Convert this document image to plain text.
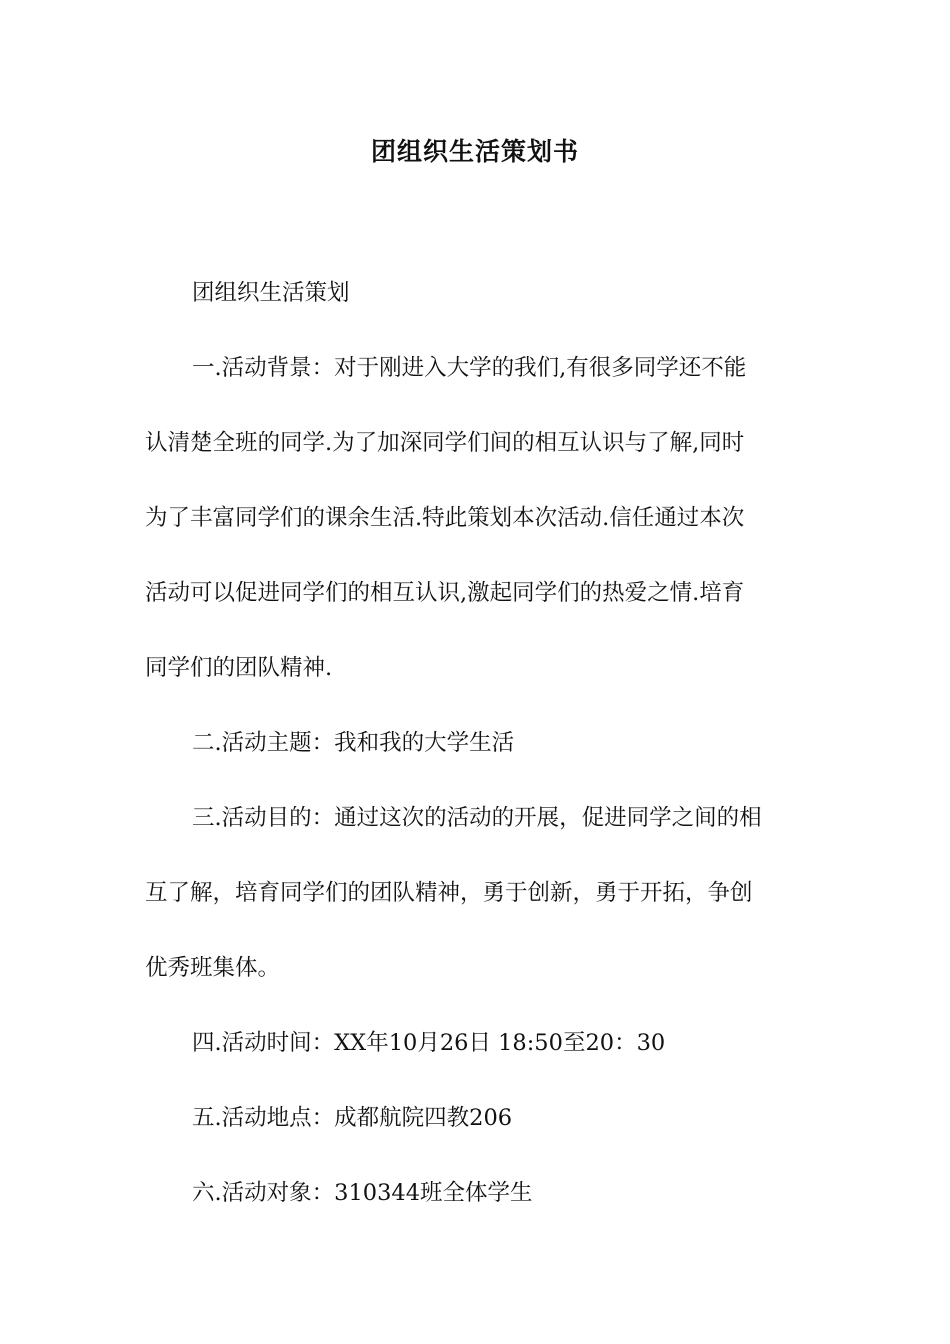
团组织生活策划书
团组织生活策划
一.活动背景：对于刚进入大学的我们,有很多同学还不能
认清楚全班的同学.为了加深同学们间的相互认识与了解,同时
为了丰富同学们的课余生活.特此策划本次活动.信任通过本次
活动可以促进同学们的相互认识,激起同学们的热爱之情.培育
同学们的团队精神.
二.活动主题：我和我的大学生活
三.活动目的：通过这次的活动的开展，促进同学之间的相
互了解，培育同学们的团队精神，勇于创新，勇于开拓，争创
优秀班集体。
四.活动时间：XX年10月26日 18:50至20：30
五.活动地点：成都航院四教206
六.活动对象：310344班全体学生
